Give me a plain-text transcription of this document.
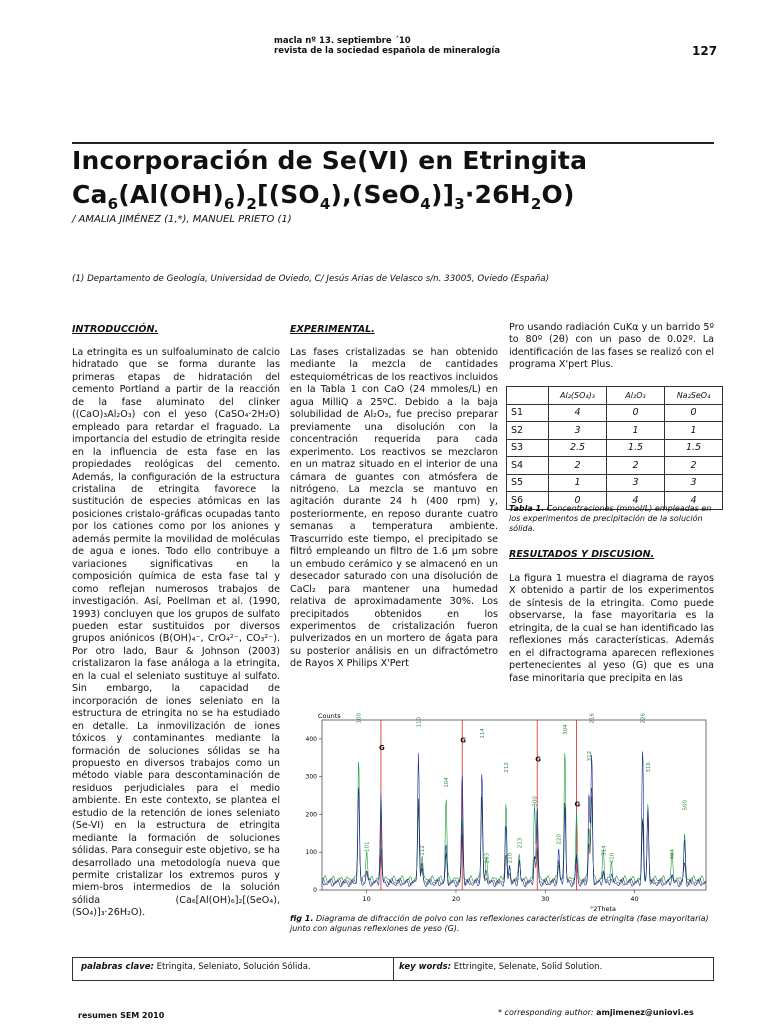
macla nº 13. septiembre ´10
revista de la sociedad española de mineralogía	127
Incorporación de Se(VI) en Etringita
$Ca_6(Al(OH)_6)_2[(SO_4),(SeO_4)]_3\cdot 26H_2O$)
/ AMALIA JIMÉNEZ (1,*), MANUEL PRIETO (1)
(1) Departamento de Geología, Universidad de Oviedo, C/ Jesús Arias de Velasco s/n. 33005, Oviedo (España)
INTRODUCCIÓN.

La etringita es un sulfoaluminato de calcio hidratado que se forma durante las primeras etapas de hidratación del cemento Portland a partir de la reacción de la fase aluminato del clinker ((CaO)₃Al₂O₃) con el yeso (CaSO₄·2H₂O) empleado para retardar el fraguado. La importancia del estudio de etringita reside en la influencia de esta fase en las propiedades reológicas del cemento. Además, la configuración de la estructura cristalina de etringita favorece la sustitución de especies atómicas en las posiciones cristalo-gráficas ocupadas tanto por los cationes como por los aniones y además permite la movilidad de moléculas de agua e iones. Todo ello contribuye a variaciones significativas en la composición química de esta fase tal y como reflejan numerosos trabajos de investigación. Así, Poellman et al. (1990, 1993) concluyen que los grupos de sulfato pueden estar sustituidos por diversos grupos aniónicos (B(OH)₄⁻, CrO₄²⁻, CO₃²⁻). Por otro lado, Baur & Johnson (2003) cristalizaron la fase análoga a la etringita, en la cual el seleniato sustituye al sulfato. Sin embargo, la capacidad de incorporación de iones seleniato en la estructura de etringita no se ha estudiado en detalle. La inmovilización de iones tóxicos y contaminantes mediante la formación de soluciones sólidas se ha propuesto en diversos trabajos como un método viable para descontaminación de residuos perjudiciales para el medio ambiente. En este contexto, se plantea el estudio de la retención de iones seleniato (Se-VI) en la estructura de etringita mediante la formación de soluciones sólidas. Para conseguir este objetivo, se ha desarrollado una metodología nueva que permite cristalizar los extremos puros y miem-bros intermedios de la solución sólida (Ca₆[Al(OH)₆]₂[(SeO₄),(SO₄)]₃·26H₂O).

EXPERIMENTAL.

Las fases cristalizadas se han obtenido mediante la mezcla de cantidades estequiométricas de los reactivos incluidos en la Tabla 1 con CaO (24 mmoles/L) en agua MilliQ a 25ºC. Debido a la baja solubilidad de Al₂O₃, fue preciso preparar previamente una disolución con la concentración requerida para cada experimento. Los reactivos se mezclaron en un matraz situado en el interior de una cámara de guantes con atmósfera de nitrógeno. La mezcla se mantuvo en agitación durante 24 h (400 rpm) y, posteriormente, en reposo durante cuatro semanas a temperatura ambiente. Trascurrido este tiempo, el precipitado se filtró empleando un filtro de 1.6 µm sobre un embudo cerámico y se almacenó en un desecador saturado con una disolución de CaCl₂ para mantener una humedad relativa de aproximadamente 30%. Los precipitados obtenidos en los experimentos de cristalización fueron pulverizados en un mortero de ágata para su posterior análisis en un difractómetro de Rayos X Philips X'Pert

Pro usando radiación CuKα y un barrido 5º to 80º (2θ) con un paso de 0.02º. La identificación de las fases se realizó con el programa X'pert Plus.

	Al₂(SO₄)₃	Al₂O₃	Na₂SeO₄
S1	4	0	0
S2	3	1	1
S3	2.5	1.5	1.5
S4	2	2	2
S5	1	3	3
S6	0	4	4
Tabla 1. Concentraciones (mmol/L) empleadas en los experimentos de precipitación de la solución sólida.
RESULTADOS Y DISCUSION.

La figura 1 muestra el diagrama de rayos X obtenido a partir de los experimentos de síntesis de la etringita. Como puede observarse, la fase mayoritaria es la etringita, de la cual se han identificado las reflexiones más características. Además en el difractograma aparecen reflexiones pertenecientes al yeso (G) que es una fase minoritaria que precipita en las

Counts
°2Theta
0
100
200
300
400
10	20	30	40
100
101
G
110
112
104
G
114
203
212
210
213
300
G
220
304
G
312
216
314
410
226
316
404
500
fig 1. Diagrama de difracción de polvo con las reflexiones características de etringita (fase mayoritaria) junto con algunas reflexiones de yeso (G).
palabras clave: Etringita, Seleniato, Solución Sólida.	key words: Ettringite, Selenate, Solid Solution.
resumen SEM 2010	* corresponding author: amjimenez@uniovi.es
